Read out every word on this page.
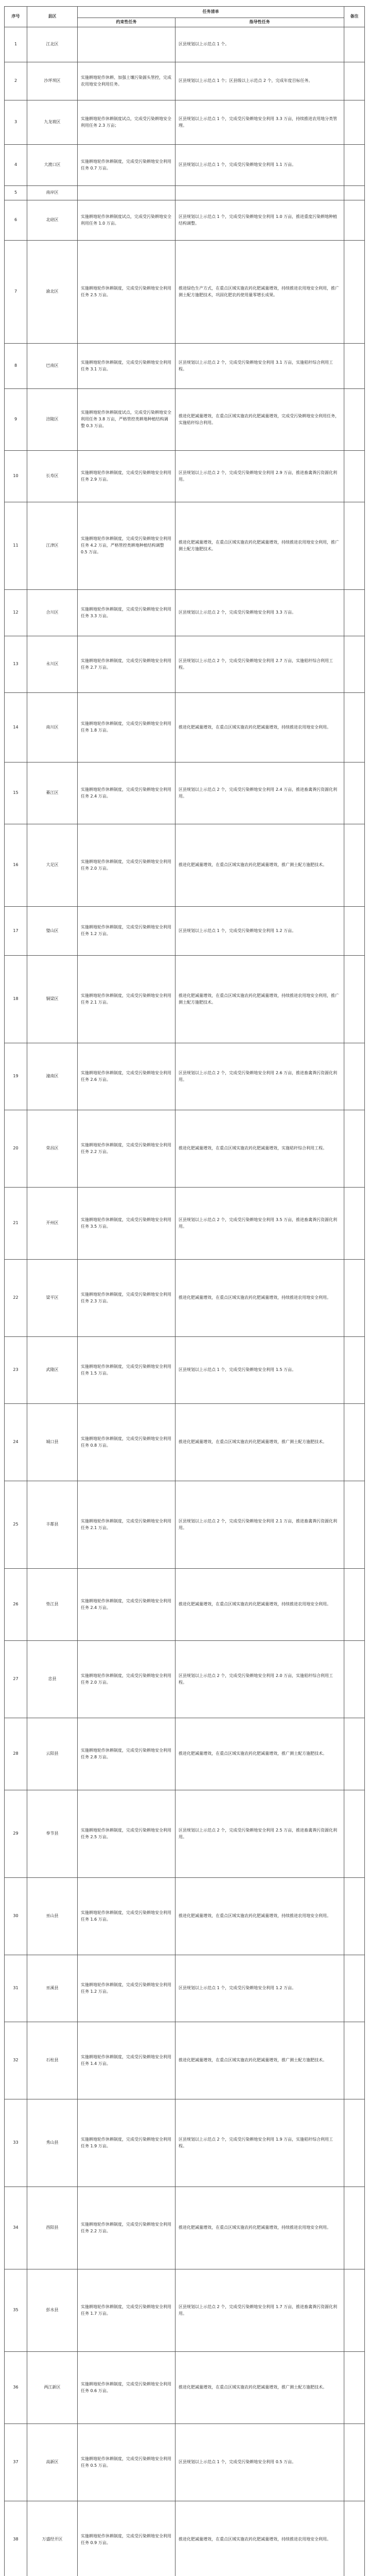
序号	县区	任务清单		备注
		约束性任务	指导性任务	
1	江北区		区县规划以上示范点 1 个。	
2	沙坪坝区	实施耕地轮作休耕、加强土壤污染源头管控，完成农用地安全利用任务。	区县规划以上示范点 1 个；区县级以上示范点 2 个，完成年度目标任务。	
3	九龙坡区	实施耕地轮作休耕制度试点，完成受污染耕地安全利用任务 2.3 万亩；	区县规划以上示范点 1 个，完成受污染耕地安全利用 3.3 万亩，持续推进农用地分类管理。	
4	大渡口区	实施耕地轮作休耕制度，完成受污染耕地安全利用任务 0.7 万亩。	区县规划以上示范点 1 个，完成受污染耕地安全利用 1.1 万亩。	
5	南岸区			
6	北碚区	实施耕地轮作休耕制度试点，完成受污染耕地安全利用任务 1.0 万亩。	区县规划以上示范点 1 个，完成受污染耕地安全利用 1.0 万亩，推进重度污染耕地种植结构调整。	
7	渝北区	实施耕地轮作休耕制度，完成受污染耕地安全利用任务 2.5 万亩。	推进绿色生产方式，在重点区域实施农药化肥减量增效，持续推进农用地安全利用，推广测土配方施肥技术，巩固化肥农药使用量零增长成果。	
8	巴南区	实施耕地轮作休耕制度，完成受污染耕地安全利用任务 3.1 万亩。	区县规划以上示范点 2 个，完成受污染耕地安全利用 3.1 万亩，实施秸秆综合利用工程。	
9	涪陵区	实施耕地轮作休耕制度试点，完成受污染耕地安全利用任务 3.8 万亩，严格管控类耕地种植结构调整 0.3 万亩。	推进化肥减量增效，在重点区域实施农药化肥减量增效，完成受污染耕地安全利用任务，实施秸秆综合利用。	
10	长寿区	实施耕地轮作休耕制度，完成受污染耕地安全利用任务 2.9 万亩。	区县规划以上示范点 2 个，完成受污染耕地安全利用 2.9 万亩，推进畜禽粪污资源化利用。	
11	江津区	实施耕地轮作休耕制度，完成受污染耕地安全利用任务 4.2 万亩，严格管控类耕地种植结构调整 0.5 万亩。	推进化肥减量增效，在重点区域实施农药化肥减量增效，持续推进农用地安全利用，推广测土配方施肥技术。	
12	合川区	实施耕地轮作休耕制度，完成受污染耕地安全利用任务 3.3 万亩。	区县规划以上示范点 2 个，完成受污染耕地安全利用 3.3 万亩。	
13	永川区	实施耕地轮作休耕制度，完成受污染耕地安全利用任务 2.7 万亩。	区县规划以上示范点 2 个，完成受污染耕地安全利用 2.7 万亩，实施秸秆综合利用工程。	
14	南川区	实施耕地轮作休耕制度，完成受污染耕地安全利用任务 1.8 万亩。	推进化肥减量增效，在重点区域实施农药化肥减量增效，持续推进农用地安全利用。	
15	綦江区	实施耕地轮作休耕制度，完成受污染耕地安全利用任务 2.4 万亩。	区县规划以上示范点 2 个，完成受污染耕地安全利用 2.4 万亩，推进畜禽粪污资源化利用。	
16	大足区	实施耕地轮作休耕制度，完成受污染耕地安全利用任务 2.0 万亩。	推进化肥减量增效，在重点区域实施农药化肥减量增效，推广测土配方施肥技术。	
17	璧山区	实施耕地轮作休耕制度，完成受污染耕地安全利用任务 1.2 万亩。	区县规划以上示范点 1 个，完成受污染耕地安全利用 1.2 万亩。	
18	铜梁区	实施耕地轮作休耕制度，完成受污染耕地安全利用任务 2.1 万亩。	推进化肥减量增效，在重点区域实施农药化肥减量增效，持续推进农用地安全利用，推广测土配方施肥技术。	
19	潼南区	实施耕地轮作休耕制度，完成受污染耕地安全利用任务 2.6 万亩。	区县规划以上示范点 2 个，完成受污染耕地安全利用 2.6 万亩，推进畜禽粪污资源化利用。	
20	荣昌区	实施耕地轮作休耕制度，完成受污染耕地安全利用任务 2.2 万亩。	推进化肥减量增效，在重点区域实施农药化肥减量增效，实施秸秆综合利用工程。	
21	开州区	实施耕地轮作休耕制度，完成受污染耕地安全利用任务 3.5 万亩。	区县规划以上示范点 2 个，完成受污染耕地安全利用 3.5 万亩，推进畜禽粪污资源化利用。	
22	梁平区	实施耕地轮作休耕制度，完成受污染耕地安全利用任务 2.3 万亩。	推进化肥减量增效，在重点区域实施农药化肥减量增效，持续推进农用地安全利用。	
23	武隆区	实施耕地轮作休耕制度，完成受污染耕地安全利用任务 1.5 万亩。	区县规划以上示范点 1 个，完成受污染耕地安全利用 1.5 万亩。	
24	城口县	实施耕地轮作休耕制度，完成受污染耕地安全利用任务 0.8 万亩。	推进化肥减量增效，在重点区域实施农药化肥减量增效，推广测土配方施肥技术。	
25	丰都县	实施耕地轮作休耕制度，完成受污染耕地安全利用任务 2.1 万亩。	区县规划以上示范点 2 个，完成受污染耕地安全利用 2.1 万亩，推进畜禽粪污资源化利用。	
26	垫江县	实施耕地轮作休耕制度，完成受污染耕地安全利用任务 2.4 万亩。	推进化肥减量增效，在重点区域实施农药化肥减量增效，持续推进农用地安全利用。	
27	忠县	实施耕地轮作休耕制度，完成受污染耕地安全利用任务 2.0 万亩。	区县规划以上示范点 2 个，完成受污染耕地安全利用 2.0 万亩，实施秸秆综合利用工程。	
28	云阳县	实施耕地轮作休耕制度，完成受污染耕地安全利用任务 2.8 万亩。	推进化肥减量增效，在重点区域实施农药化肥减量增效，推广测土配方施肥技术。	
29	奉节县	实施耕地轮作休耕制度，完成受污染耕地安全利用任务 2.5 万亩。	区县规划以上示范点 2 个，完成受污染耕地安全利用 2.5 万亩，推进畜禽粪污资源化利用。	
30	巫山县	实施耕地轮作休耕制度，完成受污染耕地安全利用任务 1.6 万亩。	推进化肥减量增效，在重点区域实施农药化肥减量增效，持续推进农用地安全利用。	
31	巫溪县	实施耕地轮作休耕制度，完成受污染耕地安全利用任务 1.2 万亩。	区县规划以上示范点 1 个，完成受污染耕地安全利用 1.2 万亩。	
32	石柱县	实施耕地轮作休耕制度，完成受污染耕地安全利用任务 1.4 万亩。	推进化肥减量增效，在重点区域实施农药化肥减量增效，推广测土配方施肥技术。	
33	秀山县	实施耕地轮作休耕制度，完成受污染耕地安全利用任务 1.9 万亩。	区县规划以上示范点 2 个，完成受污染耕地安全利用 1.9 万亩，实施秸秆综合利用工程。	
34	酉阳县	实施耕地轮作休耕制度，完成受污染耕地安全利用任务 2.2 万亩。	推进化肥减量增效，在重点区域实施农药化肥减量增效，持续推进农用地安全利用。	
35	彭水县	实施耕地轮作休耕制度，完成受污染耕地安全利用任务 1.7 万亩。	区县规划以上示范点 2 个，完成受污染耕地安全利用 1.7 万亩，推进畜禽粪污资源化利用。	
36	两江新区	实施耕地轮作休耕制度，完成受污染耕地安全利用任务 0.6 万亩。	推进化肥减量增效，在重点区域实施农药化肥减量增效，推广测土配方施肥技术。	
37	高新区	实施耕地轮作休耕制度，完成受污染耕地安全利用任务 0.5 万亩。	区县规划以上示范点 1 个，完成受污染耕地安全利用 0.5 万亩。	
38	万盛经开区	实施耕地轮作休耕制度，完成受污染耕地安全利用任务 0.9 万亩。	推进化肥减量增效，在重点区域实施农药化肥减量增效，持续推进农用地安全利用。	
